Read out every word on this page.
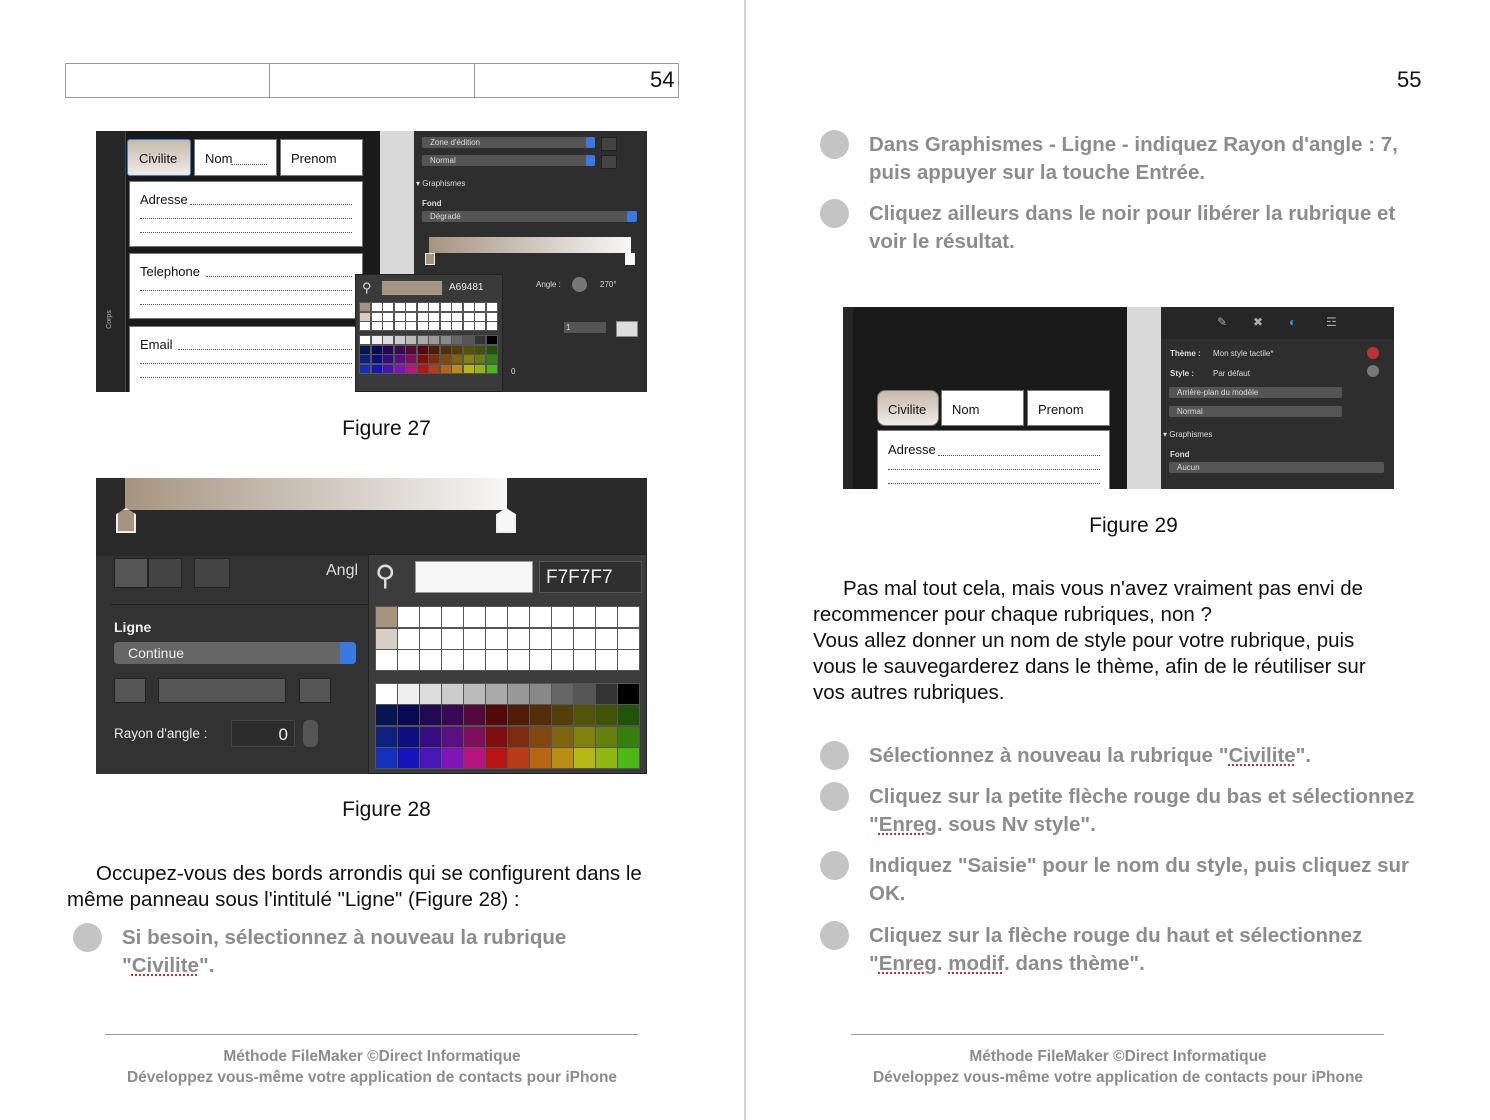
54
Corps
Civilite Nom	Prenom
Adresse
Telephone
Email
Zone d'édition
Normal
▾ Graphismes
Fond
Dégradé
Angle :	270°
1
0
⚲	A69481
Figure 27
Angl
Ligne
Continue
Rayon d'angle :	0
⚲	F7F7F7
Figure 28
Occupez-vous des bords arrondis qui se configurent dans le même panneau sous l'intitulé "Ligne" (Figure 28) :
Si besoin, sélectionnez à nouveau la rubrique "Civilite".
Méthode FileMaker ©Direct Informatique
Développez vous-même votre application de contacts pour iPhone
55
Dans Graphismes - Ligne - indiquez Rayon d'angle : 7, puis appuyer sur la touche Entrée.
Cliquez ailleurs dans le noir pour libérer la rubrique et voir le résultat.
Civilite Nom	Prenom
Adresse
✎ ✖ ◐ ☲
Thème : Mon style tactile*
Style : Par défaut
Arrière-plan du modèle
Normal
▾ Graphismes
Fond
Aucun
Figure 29
Pas mal tout cela, mais vous n'avez vraiment pas envi de
recommencer pour chaque rubriques, non ?
Vous allez donner un nom de style pour votre rubrique, puis
vous le sauvegarderez dans le thème, afin de le réutiliser sur
vos autres rubriques.
Sélectionnez à nouveau la rubrique "Civilite".
Cliquez sur la petite flèche rouge du bas et sélectionnez "Enreg. sous Nv style".
Indiquez "Saisie" pour le nom du style, puis cliquez sur OK.
Cliquez sur la flèche rouge du haut et sélectionnez "Enreg. modif. dans thème".
Méthode FileMaker ©Direct Informatique
Développez vous-même votre application de contacts pour iPhone
